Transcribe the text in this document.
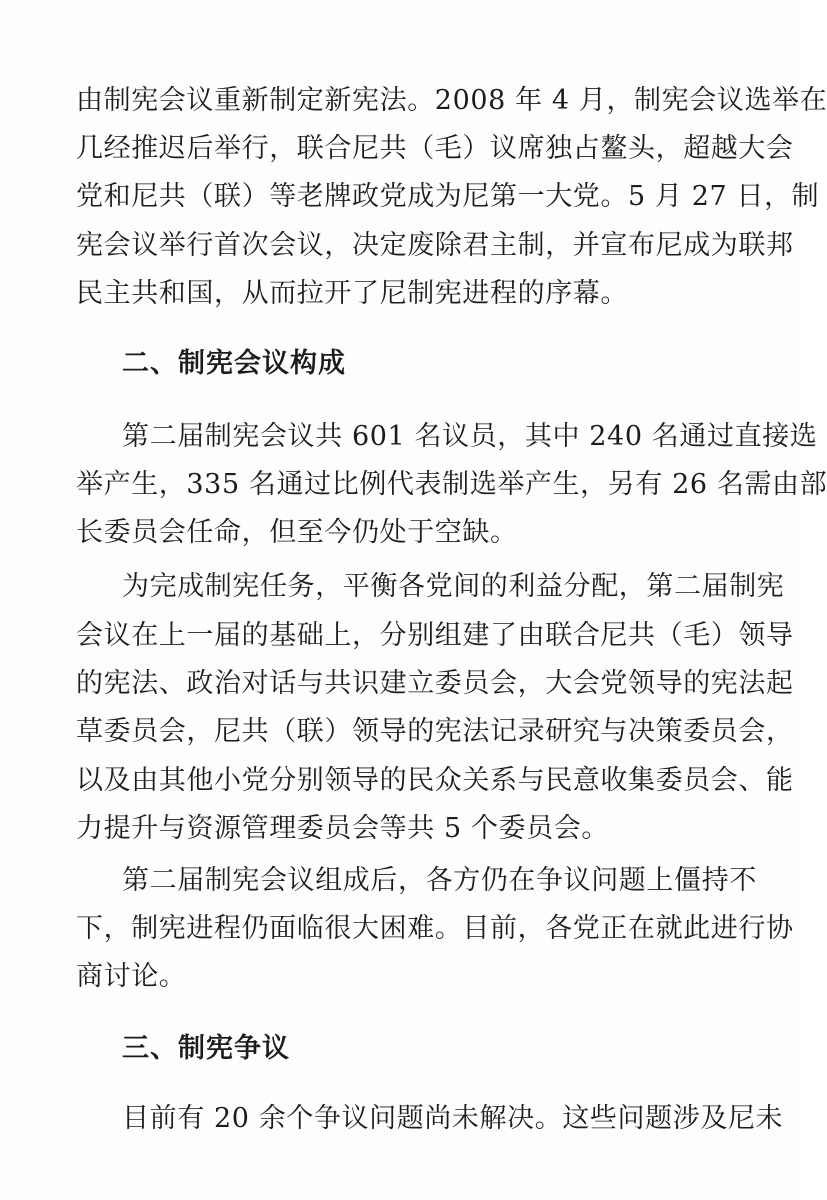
由制宪会议重新制定新宪法。2008 年 4 月，制宪会议选举在

几经推迟后举行，联合尼共（毛）议席独占鳌头，超越大会

党和尼共（联）等老牌政党成为尼第一大党。5 月 27 日，制

宪会议举行首次会议，决定废除君主制，并宣布尼成为联邦

民主共和国，从而拉开了尼制宪进程的序幕。

二、制宪会议构成

第二届制宪会议共 601 名议员，其中 240 名通过直接选

举产生，335 名通过比例代表制选举产生，另有 26 名需由部

长委员会任命，但至今仍处于空缺。

为完成制宪任务，平衡各党间的利益分配，第二届制宪

会议在上一届的基础上，分别组建了由联合尼共（毛）领导

的宪法、政治对话与共识建立委员会，大会党领导的宪法起

草委员会，尼共（联）领导的宪法记录研究与决策委员会，

以及由其他小党分别领导的民众关系与民意收集委员会、能

力提升与资源管理委员会等共 5 个委员会。

第二届制宪会议组成后，各方仍在争议问题上僵持不

下，制宪进程仍面临很大困难。目前，各党正在就此进行协

商讨论。

三、制宪争议

目前有 20 余个争议问题尚未解决。这些问题涉及尼未
